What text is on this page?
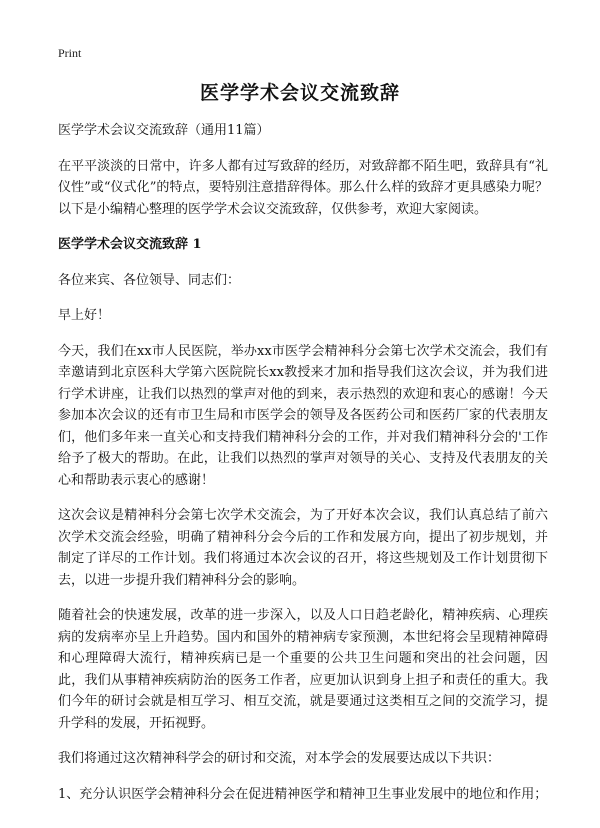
Print
医学学术会议交流致辞

医学学术会议交流致辞（通用11篇）

在平平淡淡的日常中，许多人都有过写致辞的经历，对致辞都不陌生吧，致辞具有“礼仪性”或“仪式化”的特点，要特别注意措辞得体。那么什么样的致辞才更具感染力呢？以下是小编精心整理的医学学术会议交流致辞，仅供参考，欢迎大家阅读。

医学学术会议交流致辞 1

各位来宾、各位领导、同志们：

早上好！

今天，我们在xx市人民医院，举办xx市医学会精神科分会第七次学术交流会，我们有幸邀请到北京医科大学第六医院院长xx教授来才加和指导我们这次会议，并为我们进行学术讲座，让我们以热烈的掌声对他的到来，表示热烈的欢迎和衷心的感谢！今天参加本次会议的还有市卫生局和市医学会的领导及各医药公司和医药厂家的代表朋友们，他们多年来一直关心和支持我们精神科分会的工作，并对我们精神科分会的'工作给予了极大的帮助。在此，让我们以热烈的掌声对领导的关心、支持及代表朋友的关心和帮助表示衷心的感谢！

这次会议是精神科分会第七次学术交流会，为了开好本次会议，我们认真总结了前六次学术交流会经验，明确了精神科分会今后的工作和发展方向，提出了初步规划，并制定了详尽的工作计划。我们将通过本次会议的召开，将这些规划及工作计划贯彻下去，以进一步提升我们精神科分会的影响。

随着社会的快速发展，改革的进一步深入，以及人口日趋老龄化，精神疾病、心理疾病的发病率亦呈上升趋势。国内和国外的精神病专家预测，本世纪将会呈现精神障碍和心理障碍大流行，精神疾病已是一个重要的公共卫生问题和突出的社会问题，因此，我们从事精神疾病防治的医务工作者，应更加认识到身上担子和责任的重大。我们今年的研讨会就是相互学习、相互交流，就是要通过这类相互之间的交流学习，提升学科的发展，开拓视野。

我们将通过这次精神科学会的研讨和交流，对本学会的发展要达成以下共识：

1、充分认识医学会精神科分会在促进精神医学和精神卫生事业发展中的地位和作用；
